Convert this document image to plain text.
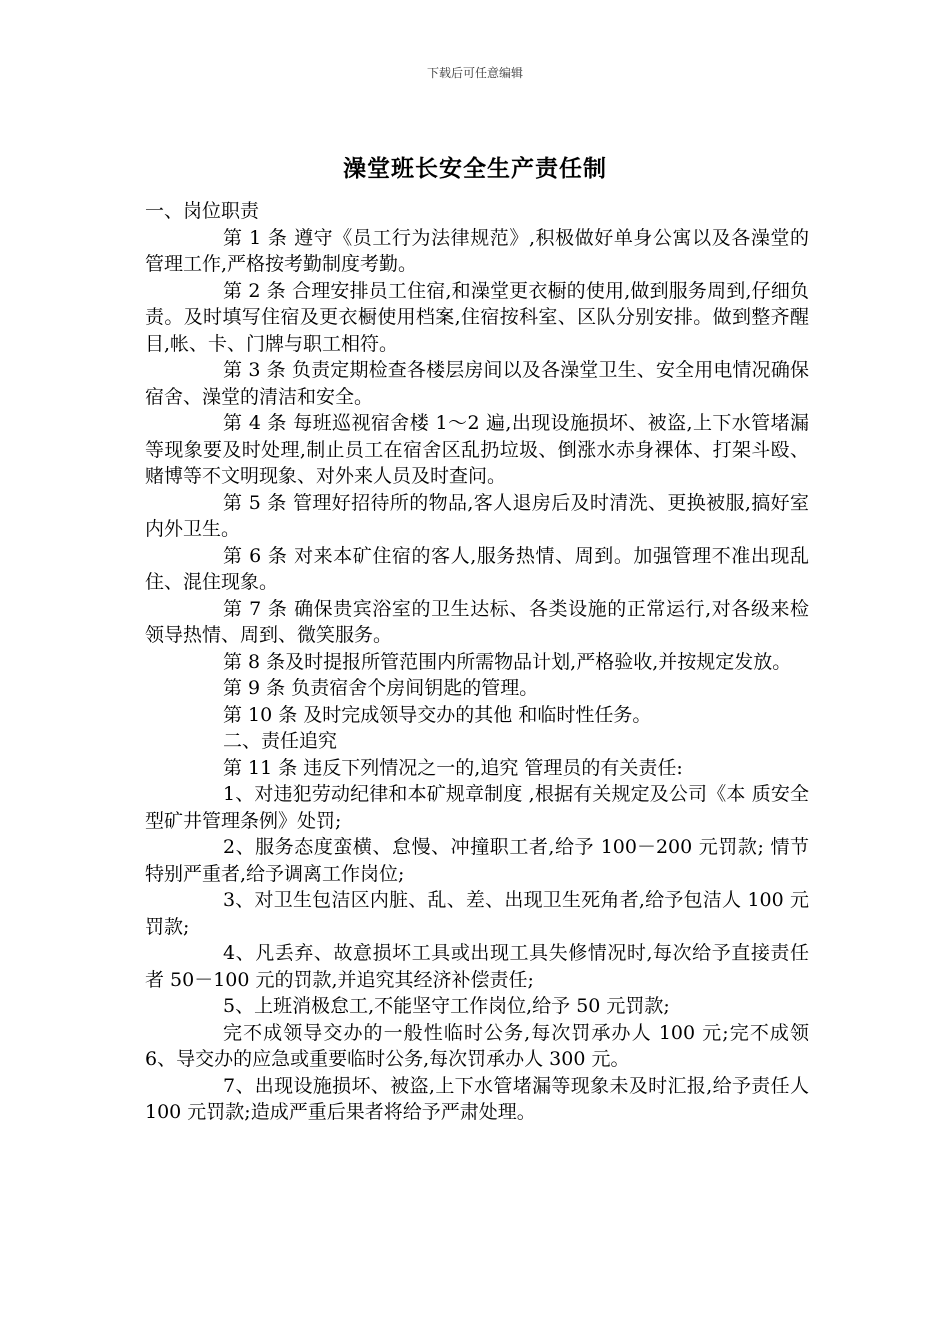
下载后可任意编辑
澡堂班长安全生产责任制

一、岗位职责

第 1 条 遵守《员工行为法律规范》,积极做好单身公寓以及各澡堂的管理工作,严格按考勤制度考勤。

第 2 条 合理安排员工住宿,和澡堂更衣橱的使用,做到服务周到,仔细负责。及时填写住宿及更衣橱使用档案,住宿按科室、区队分别安排。做到整齐醒目,帐、卡、门牌与职工相符。

第 3 条 负责定期检查各楼层房间以及各澡堂卫生、安全用电情况确保宿舍、澡堂的清洁和安全。

第 4 条 每班巡视宿舍楼 1～2 遍,出现设施损坏、被盗,上下水管堵漏等现象要及时处理,制止员工在宿舍区乱扔垃圾、倒涨水赤身裸体、打架斗殴、赌博等不文明现象、对外来人员及时查问。

第 5 条 管理好招待所的物品,客人退房后及时清洗、更换被服,搞好室内外卫生。

第 6 条 对来本矿住宿的客人,服务热情、周到。加强管理不准出现乱住、混住现象。

第 7 条 确保贵宾浴室的卫生达标、各类设施的正常运行,对各级来检领导热情、周到、微笑服务。

第 8 条及时提报所管范围内所需物品计划,严格验收,并按规定发放。

第 9 条 负责宿舍个房间钥匙的管理。

第 10 条 及时完成领导交办的其他 和临时性任务。

二、责任追究

第 11 条 违反下列情况之一的,追究 管理员的有关责任:

1、对违犯劳动纪律和本矿规章制度 ,根据有关规定及公司《本 质安全型矿井管理条例》处罚;

2、服务态度蛮横、怠慢、冲撞职工者,给予 100－200 元罚款; 情节特别严重者,给予调离工作岗位;

3、对卫生包洁区内脏、乱、差、出现卫生死角者,给予包洁人 100 元罚款;

4、凡丢弃、故意损坏工具或出现工具失修情况时,每次给予直接责任者 50－100 元的罚款,并追究其经济补偿责任;

5、上班消极怠工,不能坚守工作岗位,给予 50 元罚款;

完不成领导交办的一般性临时公务,每次罚承办人 100 元;完不成领 6、导交办的应急或重要临时公务,每次罚承办人 300 元。

7、出现设施损坏、被盗,上下水管堵漏等现象未及时汇报,给予责任人 100 元罚款;造成严重后果者将给予严肃处理。
